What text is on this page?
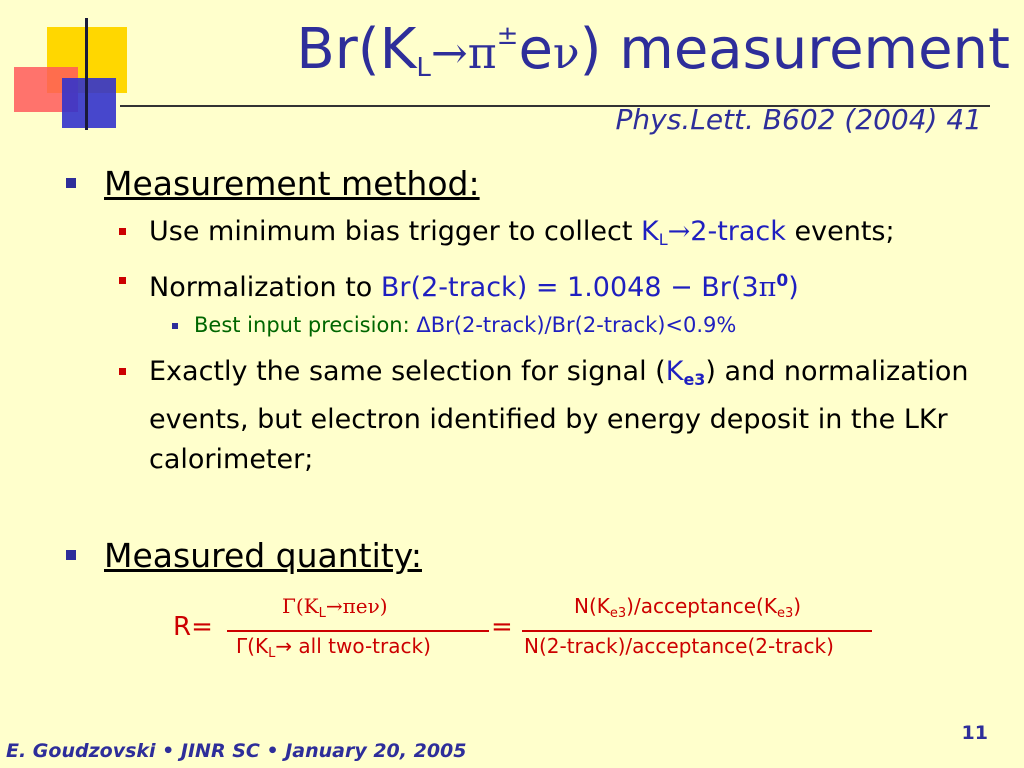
$Br(K_L\to\pi^\pm e\nu)$ measurement
Phys.Lett. B602 (2004) 41
Measurement method:
Use minimum bias trigger to collect KL→2-track events;
Normalization to Br(2-track) = $1.0048 - Br(3\pi^0)$
Best input precision: ΔBr(2-track)/Br(2-track)<0.9%
Exactly the same selection for signal (Ke3) and normalization events, but electron identified by energy deposit in the LKr calorimeter;
Measured quantity:
R=
$\Gamma(K_L\to\pi e\nu)$
$\Gamma(K_L\to$ all two-track)
=
$N(K_{e3})/acceptance(K_{e3})$
N(2-track)/acceptance(2-track)
E. Goudzovski • JINR SC • January 20, 2005
11
